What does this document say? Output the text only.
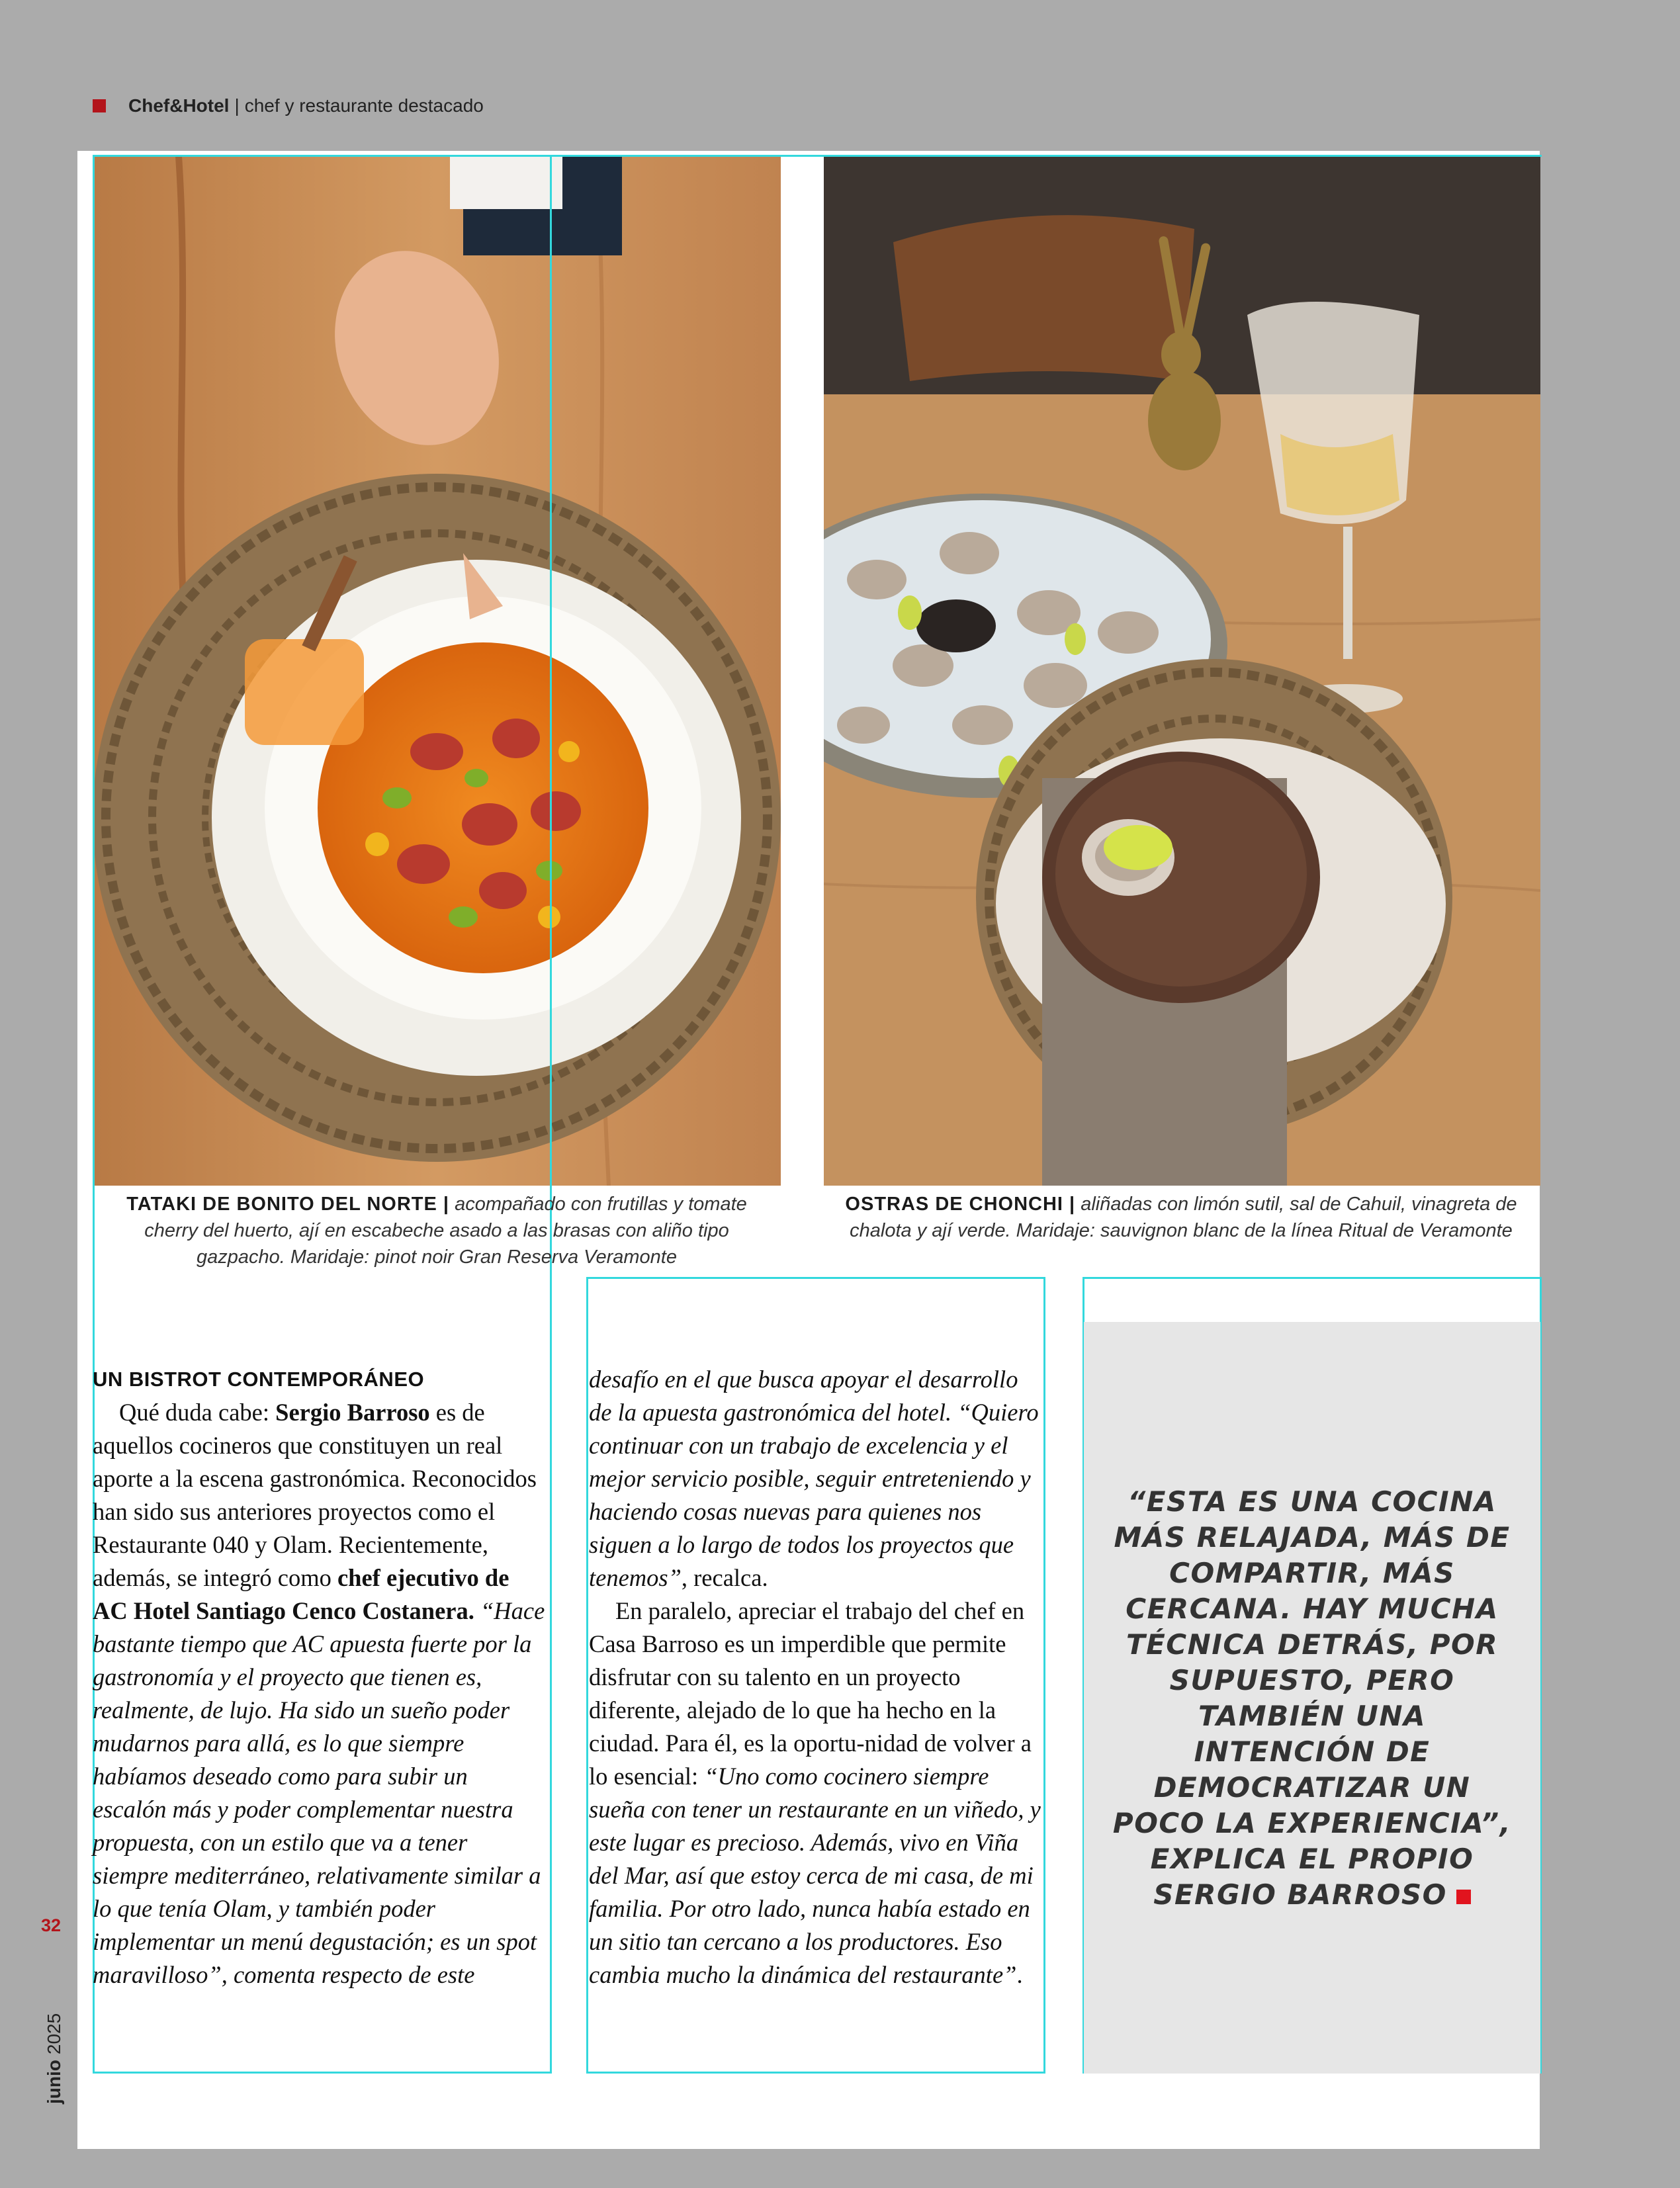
Chef&Hotel | chef y restaurante destacado
TATAKI DE BONITO DEL NORTE | acompañado con frutillas y tomate cherry del huerto, ají en escabeche asado a las brasas con aliño tipo gazpacho. Maridaje: pinot noir Gran Reserva Veramonte
OSTRAS DE CHONCHI | aliñadas con limón sutil, sal de Cahuil, vinagreta de chalota y ají verde. Maridaje: sauvignon blanc de la línea Ritual de Veramonte

UN BISTROT CONTEMPORÁNEO

Qué duda cabe: Sergio Barroso es de aquellos cocineros que constituyen un real aporte a la escena gastronómica. Reconocidos han sido sus anteriores proyectos como el Restaurante 040 y Olam. Recientemente, además, se integró como chef ejecutivo de AC Hotel Santiago Cenco Costanera. “Hace bastante tiempo que AC apuesta fuerte por la gastronomía y el proyecto que tienen es, realmente, de lujo. Ha sido un sueño poder mudarnos para allá, es lo que siempre habíamos deseado como para subir un escalón más y poder complementar nuestra propuesta, con un estilo que va a tener siempre mediterráneo, relativamente similar a lo que tenía Olam, y también poder implementar un menú degustación; es un spot maravilloso”, comenta respecto de este

desafío en el que busca apoyar el desarrollo de la apuesta gastronómica del hotel. “Quiero continuar con un trabajo de excelencia y el mejor servicio posible, seguir entreteniendo y haciendo cosas nuevas para quienes nos siguen a lo largo de todos los proyectos que tenemos”, recalca.

En paralelo, apreciar el trabajo del chef en Casa Barroso es un imperdible que permite disfrutar con su talento en un proyecto diferente, alejado de lo que ha hecho en la ciudad. Para él, es la oportu-nidad de volver a lo esencial: “Uno como cocinero siempre sueña con tener un restaurante en un viñedo, y este lugar es precioso. Además, vivo en Viña del Mar, así que estoy cerca de mi casa, de mi familia. Por otro lado, nunca había estado en un sitio tan cercano a los productores. Eso cambia mucho la dinámica del restaurante”.

“ESTA ES UNA COCINA MÁS RELAJADA, MÁS DE COMPARTIR, MÁS CERCANA. HAY MUCHA TÉCNICA DETRÁS, POR SUPUESTO, PERO TAMBIÉN UNA INTENCIÓN DE DEMOCRATIZAR UN POCO LA EXPERIENCIA”, EXPLICA EL PROPIO SERGIO BARROSO
32
junio2025
